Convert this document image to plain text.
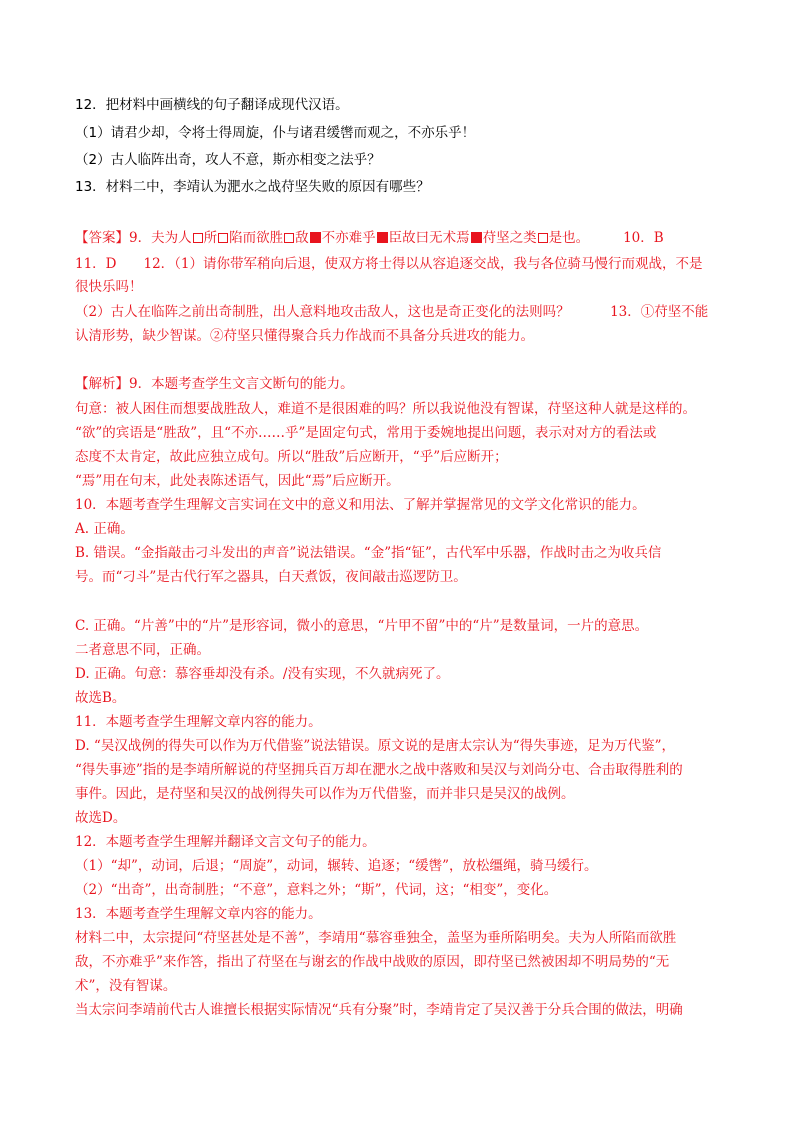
12．把材料中画横线的句子翻译成现代汉语。
（1）请君少却，令将士得周旋，仆与诸君缓辔而观之，不亦乐乎！
（2）古人临阵出奇，攻人不意，斯亦相变之法乎？
13．材料二中，李靖认为淝水之战苻坚失败的原因有哪些？
【答案】9．夫为人 所 陷而欲胜 敌 不亦难乎 臣故曰无术焉 苻坚之类 是也。	10．B
11．D　　12．（1）请你带军稍向后退，使双方将士得以从容追逐交战，我与各位骑马慢行而观战，不是
很快乐吗！
（2）古人在临阵之前出奇制胜，出人意料地攻击敌人，这也是奇正变化的法则吗？　　　13．①苻坚不能
认清形势，缺少智谋。②苻坚只懂得聚合兵力作战而不具备分兵进攻的能力。
【解析】9．本题考查学生文言文断句的能力。
句意：被人困住而想要战胜敌人，难道不是很困难的吗？所以我说他没有智谋，苻坚这种人就是这样的。
“欲”的宾语是“胜敌”，且“不亦……乎”是固定句式，常用于委婉地提出问题，表示对对方的看法或
态度不太肯定，故此应独立成句。所以“胜敌”后应断开，“乎”后应断开；
“焉”用在句末，此处表陈述语气，因此“焉”后应断开。
10．本题考查学生理解文言实词在文中的意义和用法、了解并掌握常见的文学文化常识的能力。
A. 正确。
B. 错误。“金指敲击刁斗发出的声音”说法错误。“金”指“钲”，古代军中乐器，作战时击之为收兵信
号。而“刁斗”是古代行军之器具，白天煮饭，夜间敲击巡逻防卫。
C. 正确。“片善”中的“片”是形容词，微小的意思，“片甲不留”中的“片”是数量词，一片的意思。
二者意思不同，正确。
D. 正确。句意：慕容垂却没有杀。/没有实现，不久就病死了。
故选B。
11．本题考查学生理解文章内容的能力。
D. “吴汉战例的得失可以作为万代借鉴”说法错误。原文说的是唐太宗认为“得失事迹，足为万代鉴”，
“得失事迹”指的是李靖所解说的苻坚拥兵百万却在淝水之战中落败和吴汉与刘尚分屯、合击取得胜利的
事件。因此，是苻坚和吴汉的战例得失可以作为万代借鉴，而并非只是吴汉的战例。
故选D。
12．本题考查学生理解并翻译文言文句子的能力。
（1）“却”，动词，后退；“周旋”，动词，辗转、追逐；“缓辔”，放松缰绳，骑马缓行。
（2）“出奇”，出奇制胜；“不意”，意料之外；“斯”，代词，这；“相变”，变化。
13．本题考查学生理解文章内容的能力。
材料二中，太宗提问“苻坚甚处是不善”，李靖用“慕容垂独全，盖坚为垂所陷明矣。夫为人所陷而欲胜
敌，不亦难乎”来作答，指出了苻坚在与谢玄的作战中战败的原因，即苻坚已然被困却不明局势的“无
术”，没有智谋。
当太宗问李靖前代古人谁擅长根据实际情况“兵有分聚”时，李靖肯定了吴汉善于分兵合围的做法，明确
